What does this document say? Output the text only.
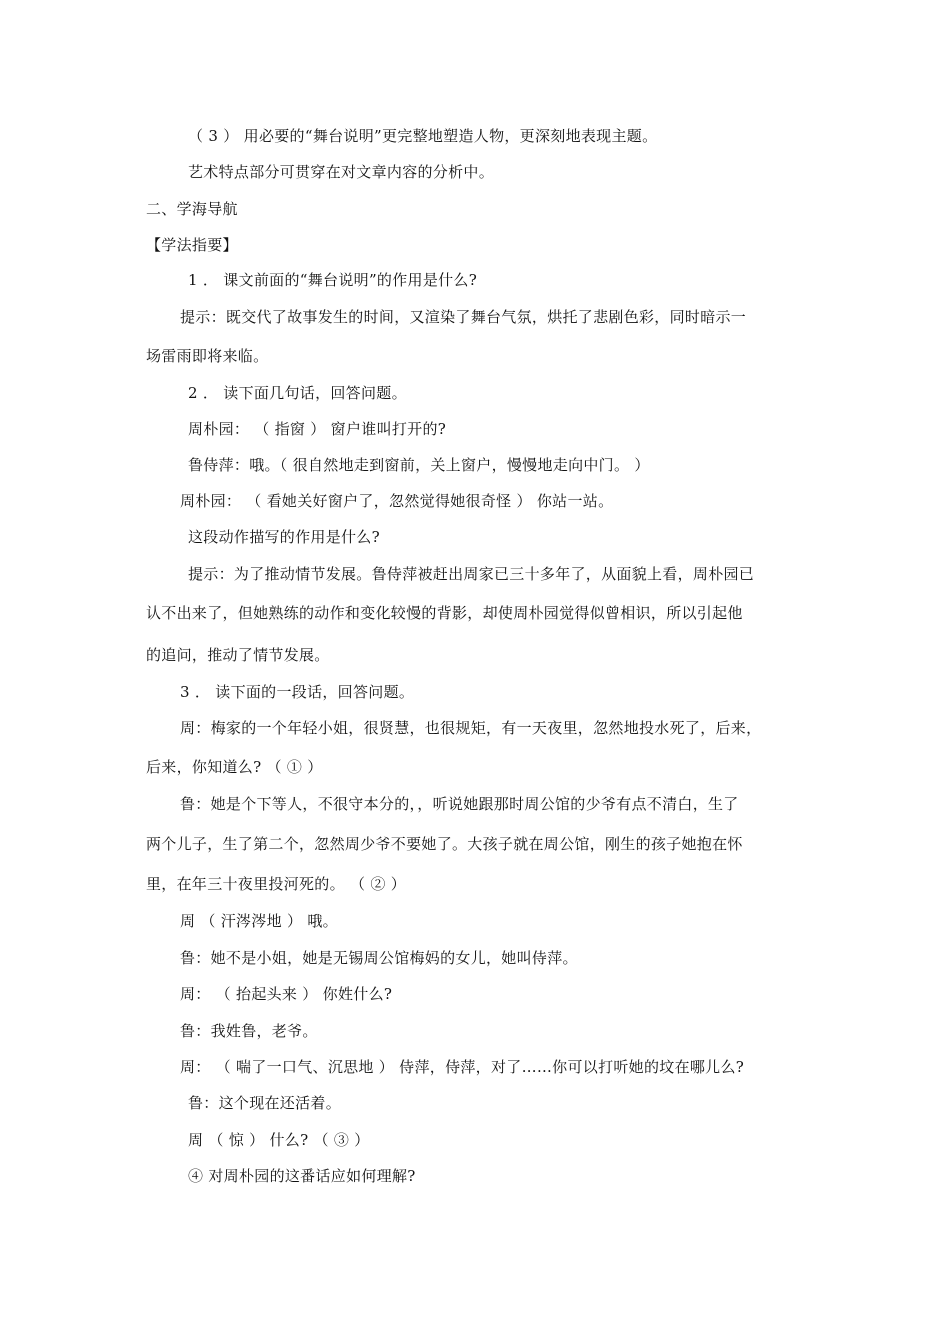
（ 3 ） 用必要的“舞台说明”更完整地塑造人物，更深刻地表现主题。
艺术特点部分可贯穿在对文章内容的分析中。
二、学海导航
【学法指要】
1 ． 课文前面的“舞台说明”的作用是什么?
提示：既交代了故事发生的时间，又渲染了舞台气氛，烘托了悲剧色彩，同时暗示一
场雷雨即将来临。
2 ． 读下面几句话，回答问题。
周朴园： （ 指窗 ） 窗户谁叫打开的?
鲁侍萍：哦。（ 很自然地走到窗前，关上窗户，慢慢地走向中门。 ）
周朴园： （ 看她关好窗户了，忽然觉得她很奇怪 ） 你站一站。
这段动作描写的作用是什么?
提示：为了推动情节发展。鲁侍萍被赶出周家已三十多年了，从面貌上看，周朴园已
认不出来了，但她熟练的动作和变化较慢的背影，却使周朴园觉得似曾相识，所以引起他
的追问，推动了情节发展。
3 ． 读下面的一段话，回答问题。
周：梅家的一个年轻小姐，很贤慧，也很规矩，有一天夜里，忽然地投水死了，后来，
后来，你知道么? （ ① ）
鲁：她是个下等人，不很守本分的，，听说她跟那时周公馆的少爷有点不清白，生了
两个儿子，生了第二个，忽然周少爷不要她了。大孩子就在周公馆，刚生的孩子她抱在怀
里，在年三十夜里投河死的。 （ ② ）
周 （ 汗涔涔地 ） 哦。
鲁：她不是小姐，她是无锡周公馆梅妈的女儿，她叫侍萍。
周： （ 抬起头来 ） 你姓什么?
鲁：我姓鲁，老爷。
周： （ 喘了一口气、沉思地 ） 侍萍，侍萍，对了……你可以打听她的坟在哪儿么?
鲁：这个现在还活着。
周 （ 惊 ） 什么? （ ③ ）
④ 对周朴园的这番话应如何理解?
